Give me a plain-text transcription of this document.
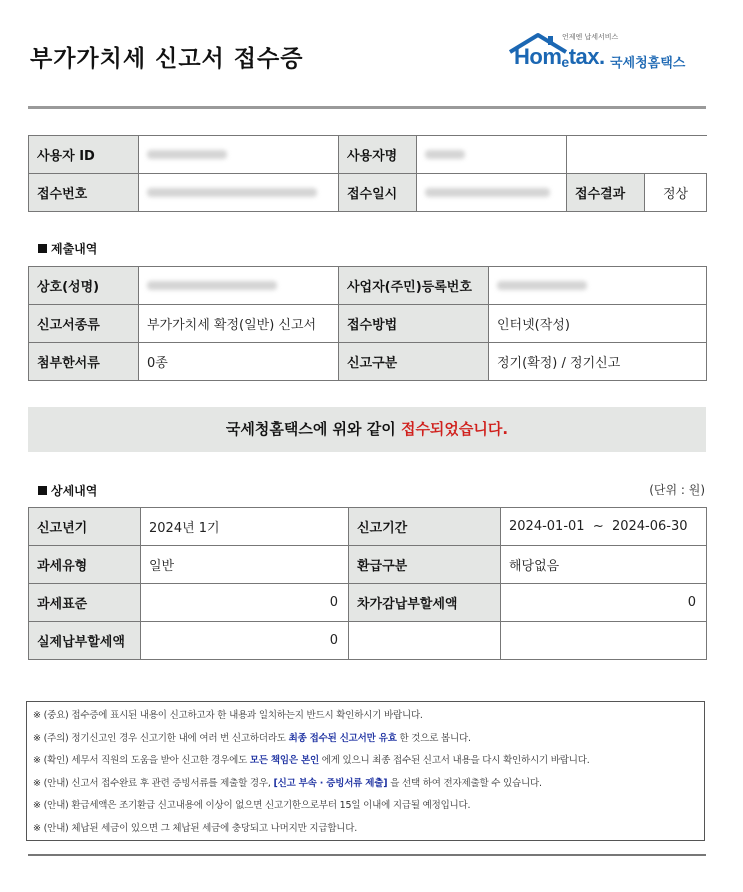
부가가치세 신고서 접수증
언제엔 납세서비스
Hometax. 국세청홈택스
사용자 ID		사용자명			
접수번호		접수일시		접수결과	정상
제출내역
상호(성명)		사업자(주민)등록번호	
신고서종류	부가가치세 확정(일반) 신고서	접수방법	인터넷(작성)
첨부한서류	0종	신고구분	정기(확정) / 정기신고
국세청홈택스에 위와 같이 접수되었습니다.
상세내역	(단위 : 원)
신고년기	2024년 1기	신고기간	2024-01-01  ~  2024-06-30
과세유형	일반	환급구분	해당없음
과세표준	0	차가감납부할세액	0
실제납부할세액	0		
※ (중요) 접수증에 표시된 내용이 신고하고자 한 내용과 일치하는지 반드시 확인하시기 바랍니다.
※ (주의) 정기신고인 경우 신고기한 내에 여러 번 신고하더라도 최종 접수된 신고서만 유효 한 것으로 봅니다.
※ (확인) 세무서 직원의 도움을 받아 신고한 경우에도 모든 책임은 본인 에게 있으니 최종 접수된 신고서 내용을 다시 확인하시기 바랍니다.
※ (안내) 신고서 접수완료 후 관련 증빙서류를 제출할 경우, [신고 부속 · 증빙서류 제출] 을 선택 하여 전자제출할 수 있습니다.
※ (안내) 환급세액은 조기환급 신고내용에 이상이 없으면 신고기한으로부터 15일 이내에 지급될 예정입니다.
※ (안내) 체납된 세금이 있으면 그 체납된 세금에 충당되고 나머지만 지급합니다.
